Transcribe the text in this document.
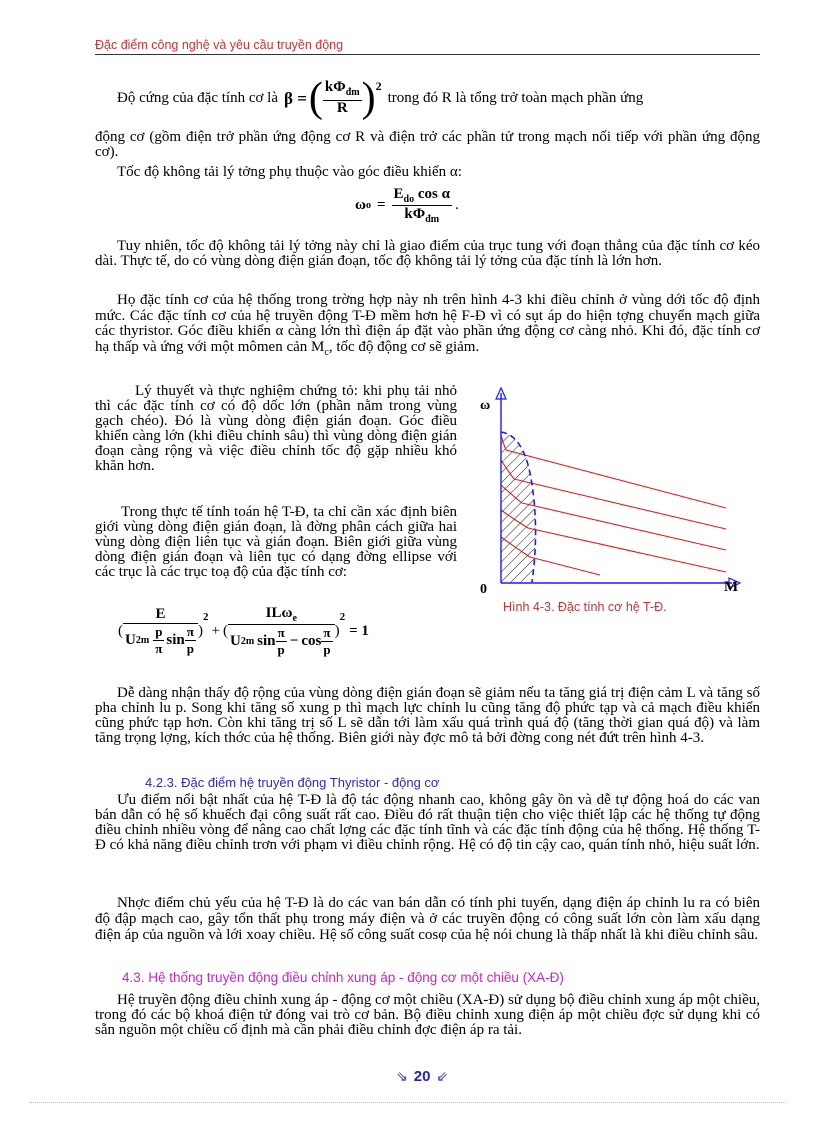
Đặc điểm công nghệ và yêu cầu truyền động
Độ cứng của đặc tính cơ là β = ( $\frac{k\Phi_{đm}}{R} )^2$
trong đó R là tổng trở toàn mạch phần ứng

động cơ (gồm điện trở phần ứng động cơ R và điện trở các phần tử trong mạch nối tiếp với phần ứng động cơ).

Tốc độ không tải lý tởng phụ thuộc vào góc điều khiển α:
ω $o = \frac{E_{do} \cos \alpha}{k\Phi_{đm}}$ .
Tuy nhiên, tốc độ không tải lý tởng này chỉ là giao điểm của trục tung với đoạn thẳng của đặc tính cơ kéo dài. Thực tế, do có vùng dòng điện gián đoạn, tốc độ không tải lý tởng của đặc tính là lớn hơn.
Họ đặc tính cơ của hệ thống trong trờng hợp này nh trên hình 4-3 khi điều chỉnh ở vùng dới tốc độ định mức. Các đặc tính cơ của hệ truyền động T-Đ mềm hơn hệ F-Đ vì có sụt áp do hiện tợng chuyển mạch giữa các thyristor. Góc điều khiển α càng lớn thì điện áp đặt vào phần ứng động cơ càng nhỏ. Khi đó, đặc tính cơ hạ thấp và ứng với một mômen cản $M_c$, tốc độ động cơ sẽ giảm.
Lý thuyết và thực nghiệm chứng tỏ: khi phụ tải nhỏ thì các đặc tính cơ có độ dốc lớn (phần nằm trong vùng gạch chéo). Đó là vùng dòng điện gián đoạn. Góc điều khiển càng lớn (khi điều chỉnh sâu) thì vùng dòng điện gián đoạn càng rộng và việc điều chỉnh tốc độ gặp nhiều khó khăn hơn.
Trong thực tế tính toán hệ T-Đ, ta chỉ cần xác định biên giới vùng dòng điện gián đoạn, là đờng phân cách giữa hai vùng dòng điện liên tục và gián đoạn. Biên giới giữa vùng dòng điện gián đoạn và liên tục có dạng đờng ellipse với các trục là các trục toạ độ của đặc tính cơ:
( $\frac{E}{U 2m \frac{p}{\pi} \sin \frac{\pi}{p}}$ )
2
+ ( $\frac{IL\omega_e}{U 2m \sin \frac{\pi}{p} - \cos \frac{\pi}{p}}$ )
2
= 1
ω
M
0
Hình 4-3. Đặc tính cơ hệ T-Đ.
Dễ dàng nhận thấy độ rộng của vùng dòng điện gián đoạn sẽ giảm nếu ta tăng giá trị điện cảm L và tăng số pha chỉnh lu p. Song khi tăng số xung p thì mạch lực chỉnh lu cũng tăng độ phức tạp và cả mạch điều khiển cũng phức tạp hơn. Còn khi tăng trị số L sẽ dẫn tới làm xấu quá trình quá độ (tăng thời gian quá độ) và làm tăng trọng lợng, kích thớc của hệ thống. Biên giới này đợc mô tả bởi đờng cong nét đứt trên hình 4-3.
4.2.3. Đặc điểm hệ truyền động Thyristor - động cơ
Ưu điểm nổi bật nhất của hệ T-Đ là độ tác động nhanh cao, không gây ồn và dễ tự động hoá do các van bán dẫn có hệ số khuếch đại công suất rất cao. Điều đó rất thuận tiện cho việc thiết lập các hệ thống tự động điều chỉnh nhiều vòng để nâng cao chất lợng các đặc tính tĩnh và các đặc tính động của hệ thống. Hệ thống T-Đ có khả năng điều chỉnh trơn với phạm vi điều chỉnh rộng. Hệ có độ tin cậy cao, quán tính nhỏ, hiệu suất lớn.
Nhợc điểm chủ yếu của hệ T-Đ là do các van bán dẫn có tính phi tuyến, dạng điện áp chỉnh lu ra có biên độ đập mạch cao, gây tổn thất phụ trong máy điện và ở các truyền động có công suất lớn còn làm xấu dạng điện áp của nguồn và lới xoay chiều. Hệ số công suất cosφ của hệ nói chung là thấp nhất là khi điều chỉnh sâu.
4.3. Hệ thống truyền động điều chỉnh xung áp - động cơ một chiều (XA-Đ)
Hệ truyền động điều chỉnh xung áp - động cơ một chiều (XA-Đ) sử dụng bộ điều chỉnh xung áp một chiều, trong đó các bộ khoá điện tử đóng vai trò cơ bản. Bộ điều chỉnh xung điện áp một chiều đợc sử dụng khi có sẵn nguồn một chiều cố định mà cần phải điều chỉnh đợc điện áp ra tải.
⇘ 20 ⇙
